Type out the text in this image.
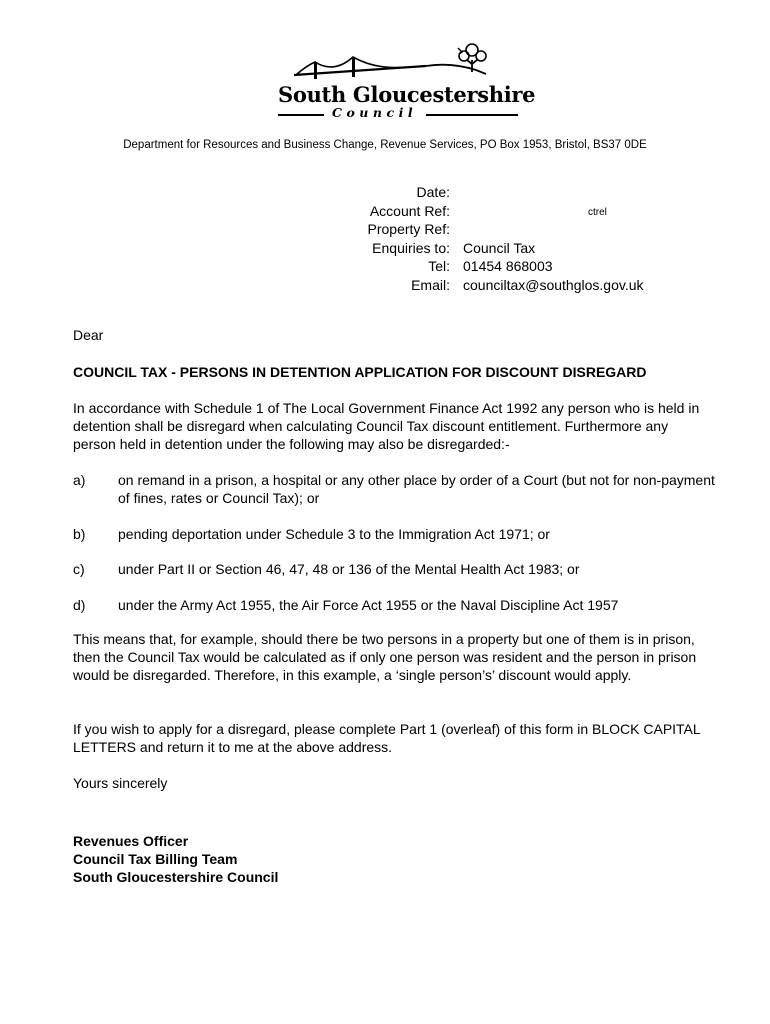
South Gloucestershire
Council
Department for Resources and Business Change, Revenue Services, PO Box 1953, Bristol, BS37 0DE
Date:
Account Ref:
Property Ref:
Enquiries to:
Tel:
Email:
Council Tax
01454 868003
counciltax@southglos.gov.uk
ctrel
Dear
COUNCIL TAX - PERSONS IN DETENTION APPLICATION FOR DISCOUNT DISREGARD
In accordance with Schedule 1 of The Local Government Finance Act 1992 any person who is held in detention shall be disregard when calculating Council Tax discount entitlement. Furthermore any person held in detention under the following may also be disregarded:-
a) on remand in a prison, a hospital or any other place by order of a Court (but not for non-payment of fines, rates or Council Tax); or
b) pending deportation under Schedule 3 to the Immigration Act 1971; or
c) under Part II or Section 46, 47, 48 or 136 of the Mental Health Act 1983; or
d) under the Army Act 1955, the Air Force Act 1955 or the Naval Discipline Act 1957
This means that, for example, should there be two persons in a property but one of them is in prison, then the Council Tax would be calculated as if only one person was resident and the person in prison would be disregarded. Therefore, in this example, a ‘single person’s’ discount would apply.
If you wish to apply for a disregard, please complete Part 1 (overleaf) of this form in BLOCK CAPITAL LETTERS and return it to me at the above address.
Yours sincerely
Revenues Officer
Council Tax Billing Team
South Gloucestershire Council
